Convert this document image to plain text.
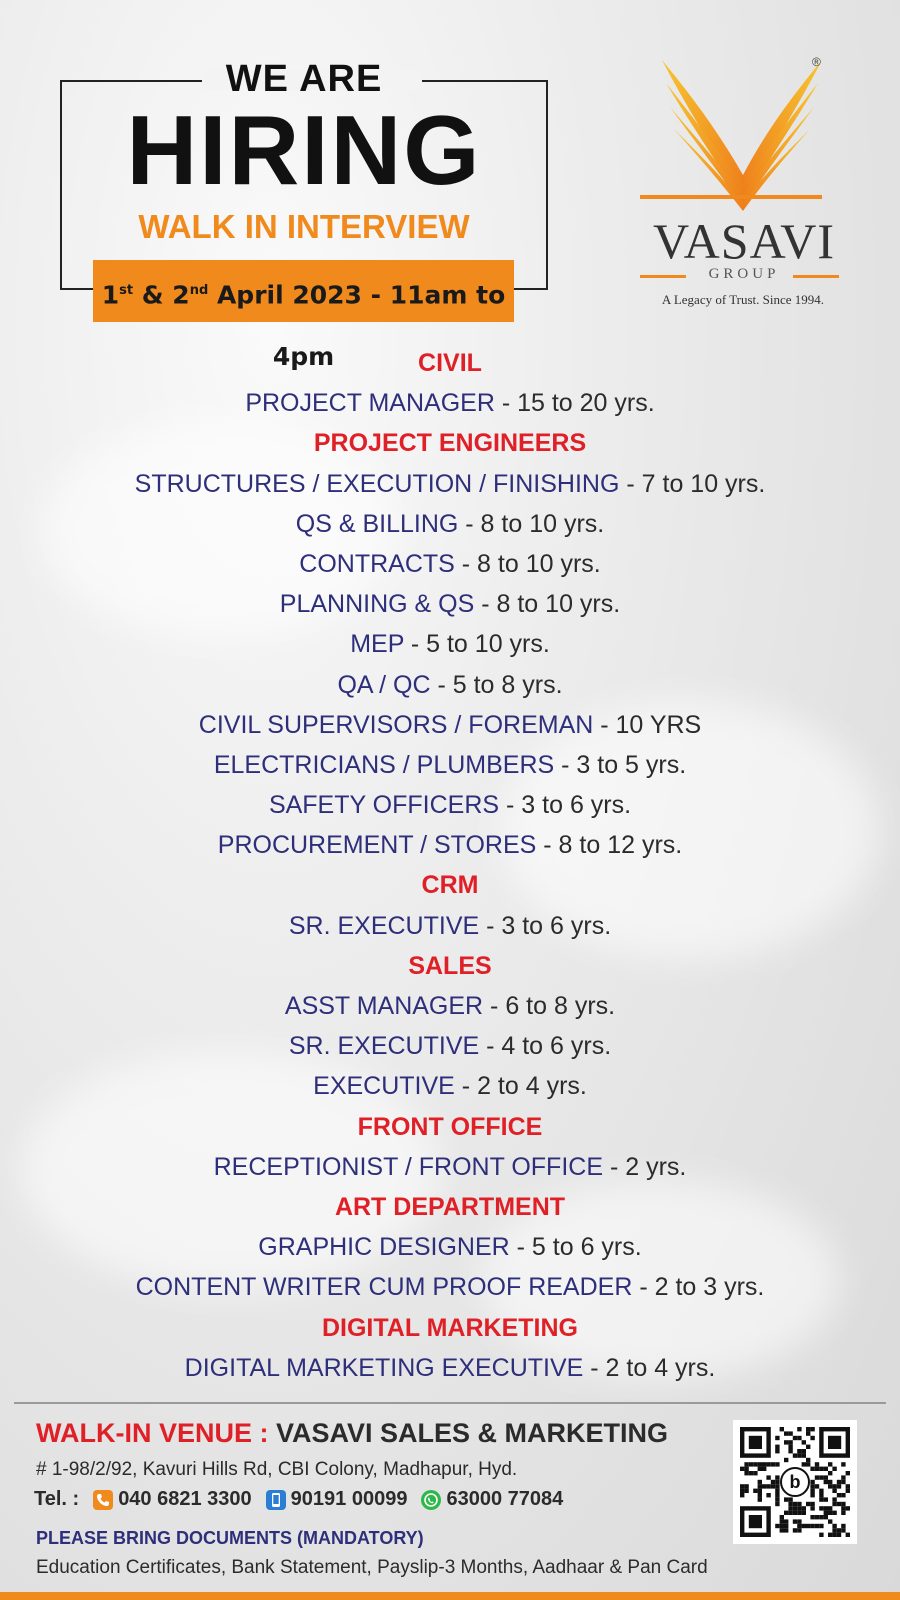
WE ARE
HIRING
WALK IN INTERVIEW
1st & 2nd April 2023 - 11am to 4pm
®
VASAVI
GROUP
A Legacy of Trust. Since 1994.
CIVIL
PROJECT MANAGER - 15 to 20 yrs.
PROJECT ENGINEERS
STRUCTURES / EXECUTION / FINISHING - 7 to 10 yrs.
QS & BILLING - 8 to 10 yrs.
CONTRACTS - 8 to 10 yrs.
PLANNING & QS - 8 to 10 yrs.
MEP - 5 to 10 yrs.
QA / QC - 5 to 8 yrs.
CIVIL SUPERVISORS / FOREMAN - 10 YRS
ELECTRICIANS / PLUMBERS - 3 to 5 yrs.
SAFETY OFFICERS - 3 to 6 yrs.
PROCUREMENT / STORES - 8 to 12 yrs.
CRM
SR. EXECUTIVE - 3 to 6 yrs.
SALES
ASST MANAGER - 6 to 8 yrs.
SR. EXECUTIVE - 4 to 6 yrs.
EXECUTIVE - 2 to 4 yrs.
FRONT OFFICE
RECEPTIONIST / FRONT OFFICE - 2 yrs.
ART DEPARTMENT
GRAPHIC DESIGNER - 5 to 6 yrs.
CONTENT WRITER CUM PROOF READER - 2 to 3 yrs.
DIGITAL MARKETING
DIGITAL MARKETING EXECUTIVE - 2 to 4 yrs.
WALK-IN VENUE : VASAVI SALES & MARKETING
# 1-98/2/92, Kavuri Hills Rd, CBI Colony, Madhapur, Hyd.
Tel. : 040 6821 3300 90191 00099 63000 77084
PLEASE BRING DOCUMENTS (MANDATORY)
Education Certificates, Bank Statement, Payslip-3 Months, Aadhaar & Pan Card
b
